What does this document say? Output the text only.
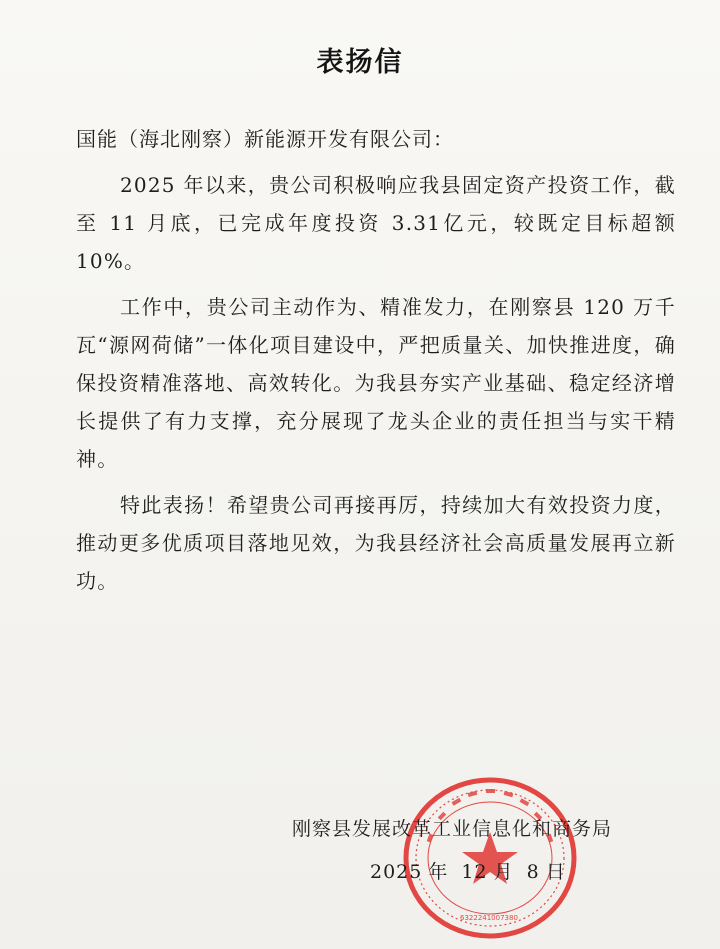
表扬信
国能（海北刚察）新能源开发有限公司：

2025 年以来，贵公司积极响应我县固定资产投资工作，截至 11 月底，已完成年度投资 3.31亿元，较既定目标超额10%。

工作中，贵公司主动作为、精准发力，在刚察县 120 万千瓦“源网荷储”一体化项目建设中，严把质量关、加快推进度，确保投资精准落地、高效转化。为我县夯实产业基础、稳定经济增长提供了有力支撑，充分展现了龙头企业的责任担当与实干精神。

特此表扬！希望贵公司再接再厉，持续加大有效投资力度，推动更多优质项目落地见效，为我县经济社会高质量发展再立新功。

6322241007380
刚察县发展改革工业信息化和商务局
2025 年 12 月 8 日
